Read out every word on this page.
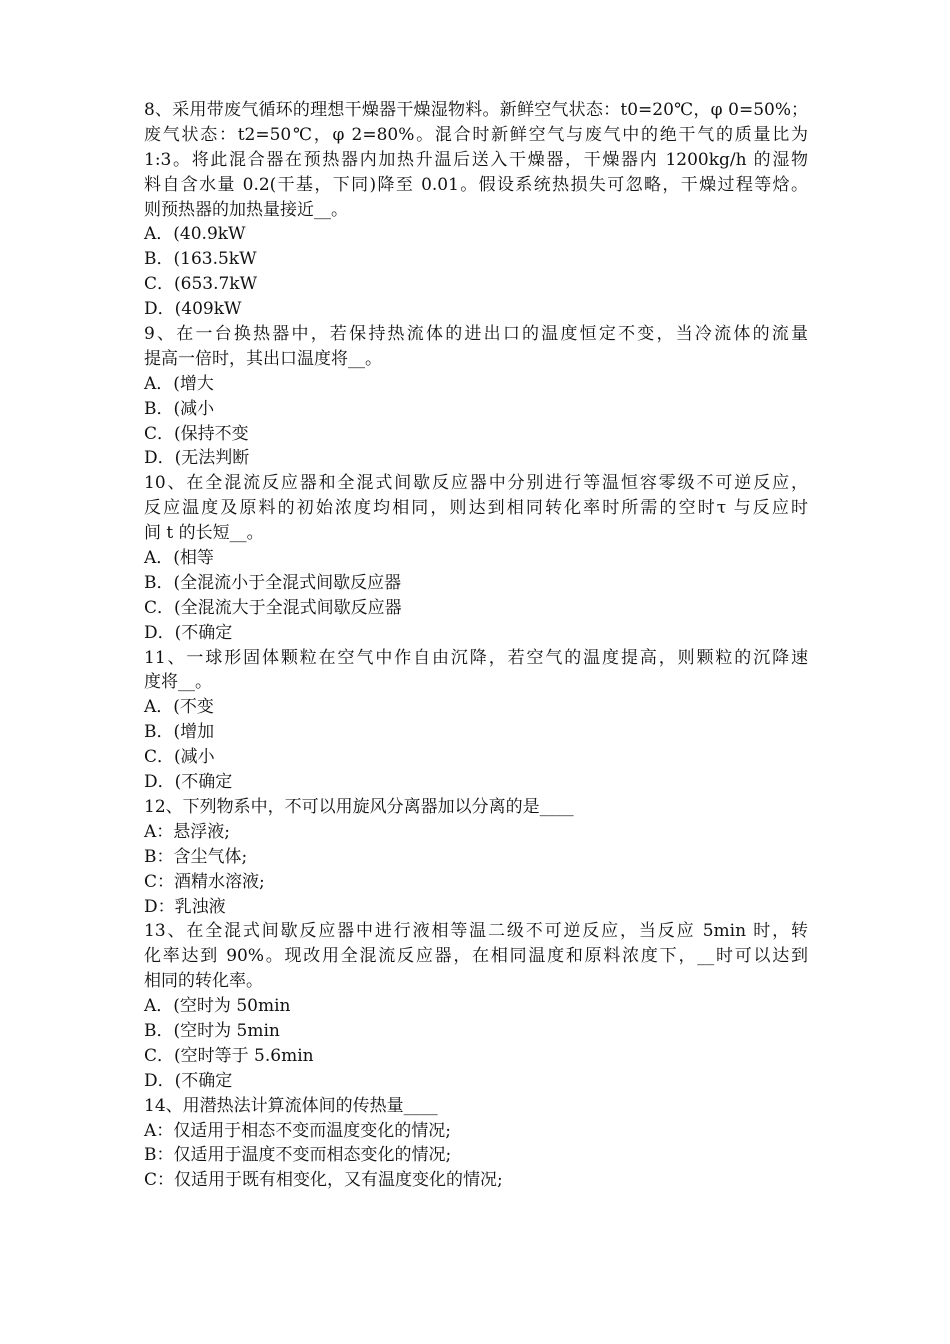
8、采用带废气循环的理想干燥器干燥湿物料。新鲜空气状态：t0=20℃，φ 0=50%；
废气状态：t2=50℃，φ 2=80%。混合时新鲜空气与废气中的绝干气的质量比为
1:3。将此混合器在预热器内加热升温后送入干燥器，干燥器内 1200kg/h 的湿物
料自含水量 0.2(干基，下同)降至 0.01。假设系统热损失可忽略，干燥过程等焓。
则预热器的加热量接近__。
A．(40.9kW
B．(163.5kW
C．(653.7kW
D．(409kW
9、在一台换热器中，若保持热流体的进出口的温度恒定不变，当冷流体的流量
提高一倍时，其出口温度将__。
A．(增大
B．(减小
C．(保持不变
D．(无法判断
10、在全混流反应器和全混式间歇反应器中分别进行等温恒容零级不可逆反应，
反应温度及原料的初始浓度均相同，则达到相同转化率时所需的空时τ 与反应时
间 t 的长短__。
A．(相等
B．(全混流小于全混式间歇反应器
C．(全混流大于全混式间歇反应器
D．(不确定
11、一球形固体颗粒在空气中作自由沉降，若空气的温度提高，则颗粒的沉降速
度将__。
A．(不变
B．(增加
C．(减小
D．(不确定
12、下列物系中，不可以用旋风分离器加以分离的是____
A：悬浮液;
B：含尘气体;
C：酒精水溶液;
D：乳浊液
13、在全混式间歇反应器中进行液相等温二级不可逆反应，当反应 5min 时，转
化率达到 90%。现改用全混流反应器，在相同温度和原料浓度下，__时可以达到
相同的转化率。
A．(空时为 50min
B．(空时为 5min
C．(空时等于 5.6min
D．(不确定
14、用潜热法计算流体间的传热量____
A：仅适用于相态不变而温度变化的情况;
B：仅适用于温度不变而相态变化的情况;
C：仅适用于既有相变化，又有温度变化的情况;
